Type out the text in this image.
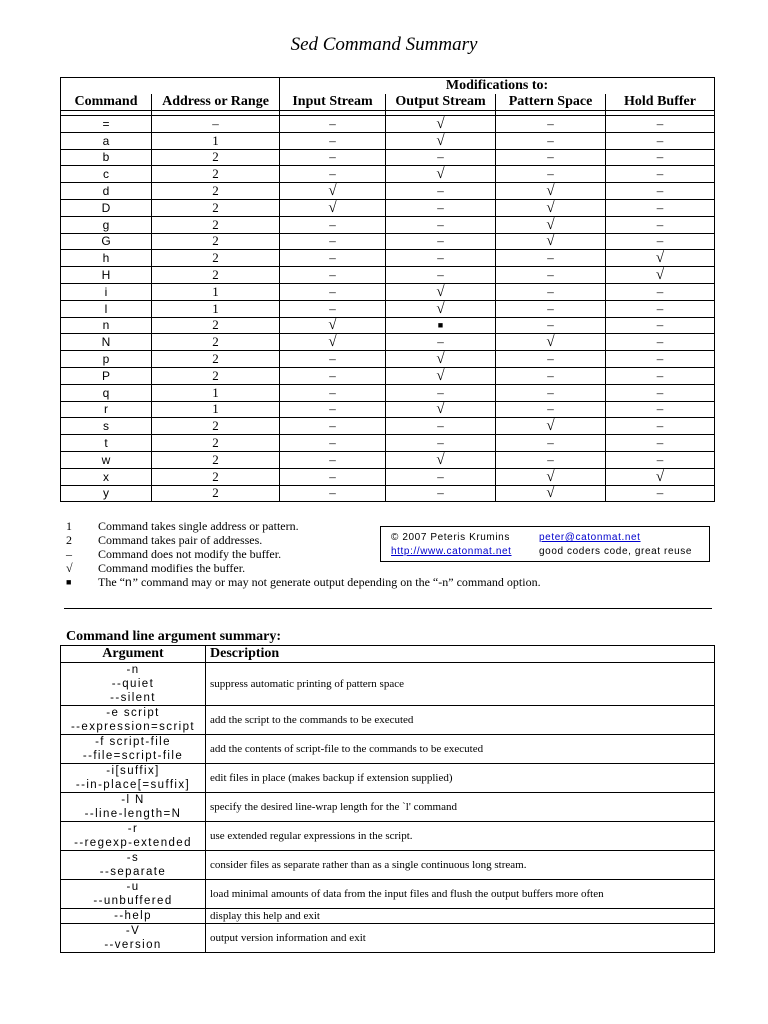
Sed Command Summary
		Modifications to:			
Command	Address or Range	Input Stream	Output Stream	Pattern Space	Hold Buffer

=	–	–	√	–	–
a	1	–	√	–	–
b	2	–	–	–	–
c	2	–	√	–	–
d	2	√	–	√	–
D	2	√	–	√	–
g	2	–	–	√	–
G	2	–	–	√	–
h	2	–	–	–	√
H	2	–	–	–	√
i	1	–	√	–	–
l	1	–	√	–	–
n	2	√	■	–	–
N	2	√	–	√	–
p	2	–	√	–	–
P	2	–	√	–	–
q	1	–	–	–	–
r	1	–	√	–	–
s	2	–	–	√	–
t	2	–	–	–	–
w	2	–	√	–	–
x	2	–	–	√	√
y	2	–	–	√	–
1	Command takes single address or pattern.
2	Command takes pair of addresses.
–	Command does not modify the buffer.
√	Command modifies the buffer.
■	The “n” command may or may not generate output depending on the “-n” command option.
© 2007 Peteris Krumins	peter@catonmat.net
http://www.catonmat.net	good coders code, great reuse
Command line argument summary:
Argument	Description

-n
--quiet
--silent	suppress automatic printing of pattern space

-e script
--expression=script	add the script to the commands to be executed

-f script-file
--file=script-file	add the contents of script-file to the commands to be executed

-i[suffix]
--in-place[=suffix]	edit files in place (makes backup if extension supplied)

-l N
--line-length=N	specify the desired line-wrap length for the `l' command

-r
--regexp-extended	use extended regular expressions in the script.

-s
--separate	consider files as separate rather than as a single continuous long stream.

-u
--unbuffered	load minimal amounts of data from the input files and flush the output buffers more often

--help	display this help and exit

-V
--version	output version information and exit
